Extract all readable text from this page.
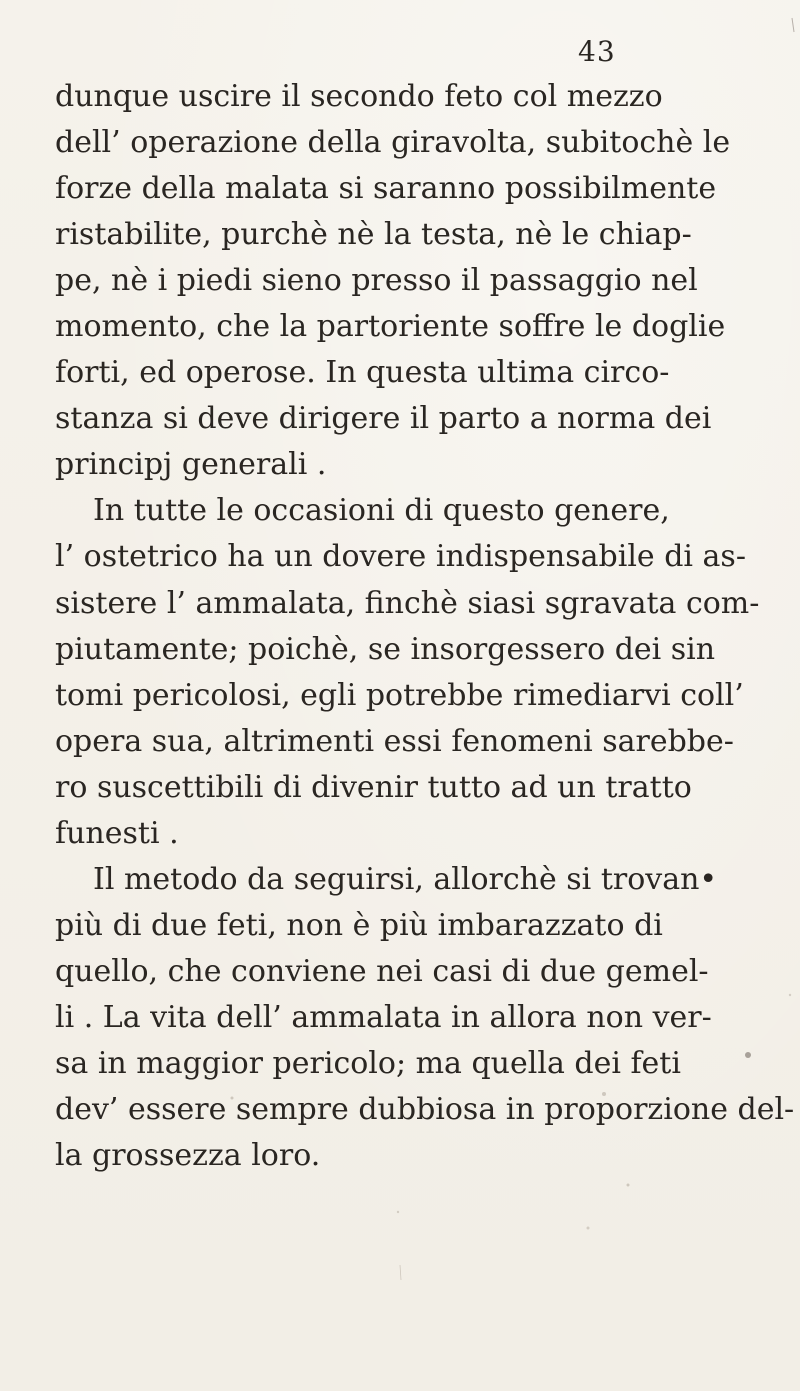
43
dunque uscire il secondo feto col mezzo
dell’ operazione della giravolta, subitochè le
forze della malata si saranno possibilmente
ristabilite, purchè nè la testa, nè le chiap-
pe, nè i piedi sieno presso il passaggio nel
momento, che la partoriente soffre le doglie
forti, ed operose. In questa ultima circo-
stanza si deve dirigere il parto a norma dei
principj generali .
In tutte le occasioni di questo genere,
l’ ostetrico ha un dovere indispensabile di as-
sistere l’ ammalata, finchè siasi sgravata com-
piutamente; poichè, se insorgessero dei sin
tomi pericolosi, egli potrebbe rimediarvi coll’
opera sua, altrimenti essi fenomeni sarebbe-
ro suscettibili di divenir tutto ad un tratto
funesti .
Il metodo da seguirsi, allorchè si trovan•
più di due feti, non è più imbarazzato di
quello, che conviene nei casi di due gemel-
li . La vita dell’ ammalata in allora non ver-
sa in maggior pericolo; ma quella dei feti
dev’ essere sempre dubbiosa in proporzione del-
la grossezza loro.
